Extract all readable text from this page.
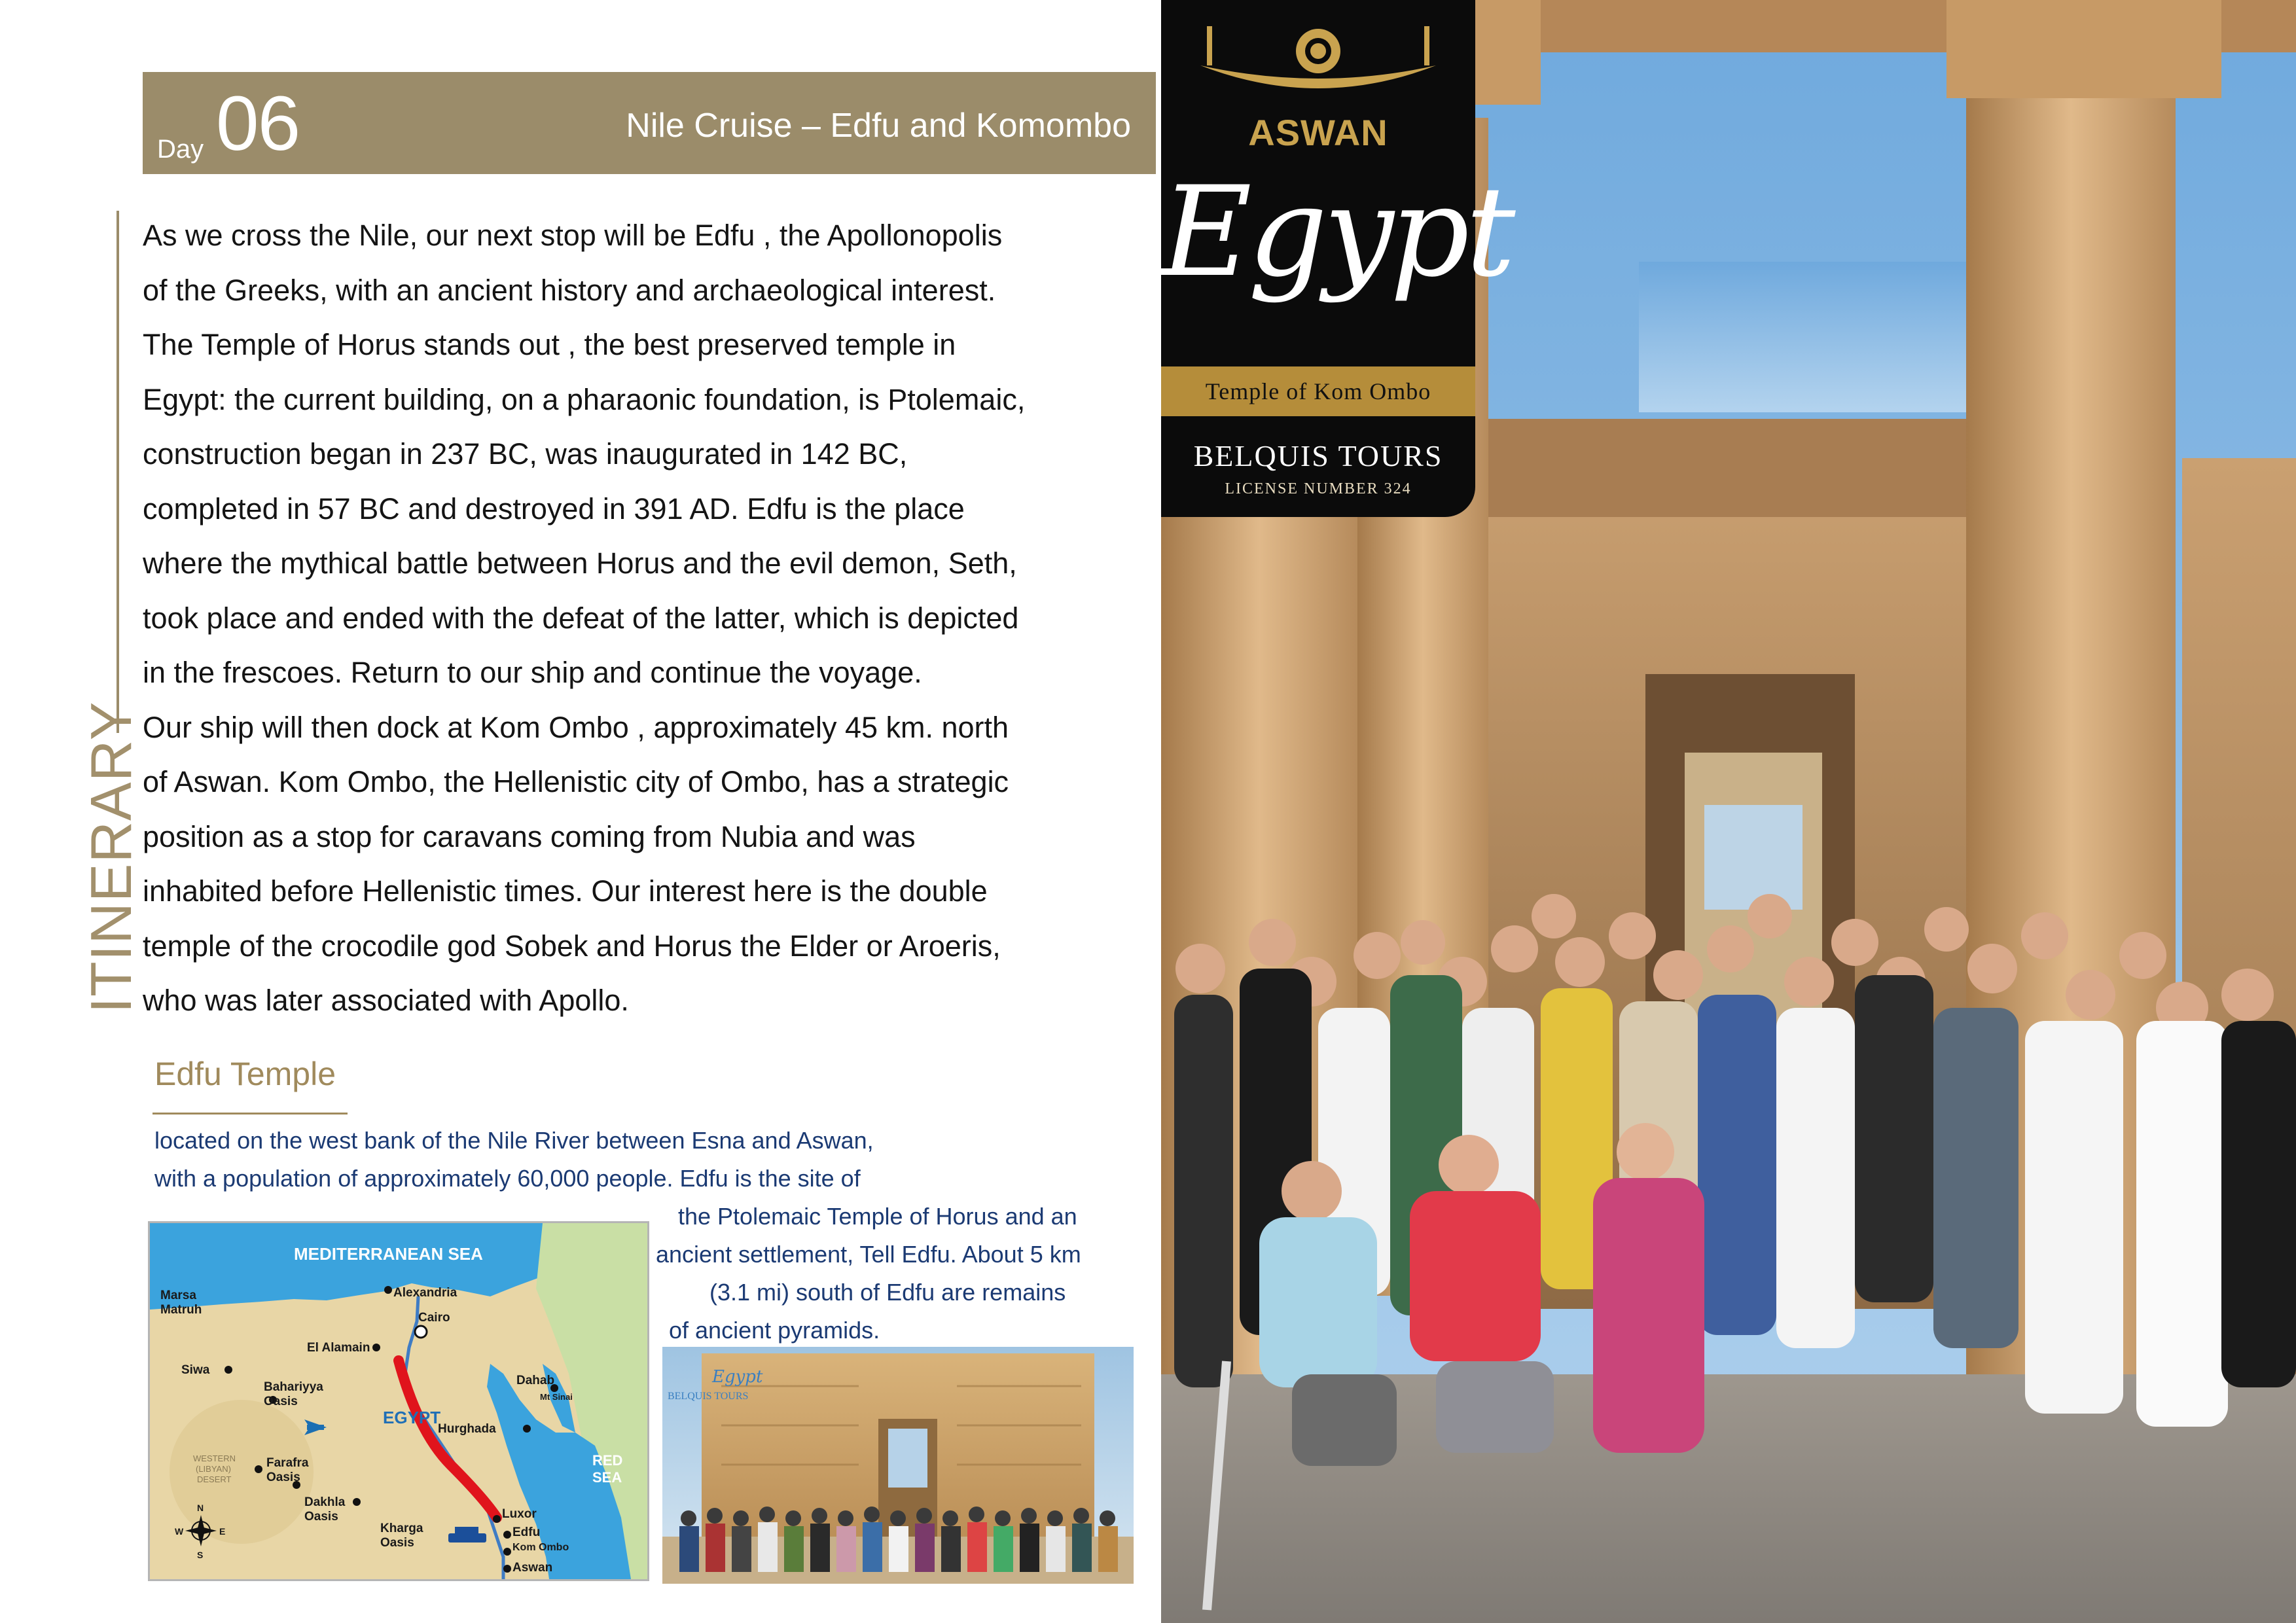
Day 06	Nile Cruise – Edfu and Komombo
ITINERARY
As we cross the Nile, our next stop will be Edfu , the Apollonopolis
of the Greeks, with an ancient history and archaeological interest.
The Temple of Horus stands out , the best preserved temple in
Egypt: the current building, on a pharaonic foundation, is Ptolemaic,
construction began in 237 BC, was inaugurated in 142 BC,
completed in 57 BC and destroyed in 391 AD. Edfu is the place
where the mythical battle between Horus and the evil demon, Seth,
took place and ended with the defeat of the latter, which is depicted
in the frescoes. Return to our ship and continue the voyage.
Our ship will then dock at Kom Ombo , approximately 45 km. north
of Aswan. Kom Ombo, the Hellenistic city of Ombo, has a strategic
position as a stop for caravans coming from Nubia and was
inhabited before Hellenistic times. Our interest here is the double
temple of the crocodile god Sobek and Horus the Elder or Aroeris,
who was later associated with Apollo.
Edfu Temple
located on the west bank of the Nile River between Esna and Aswan,
with a population of approximately 60,000 people. Edfu is the site of
the Ptolemaic Temple of Horus and an
ancient settlement, Tell Edfu. About 5 km
(3.1 mi) south of Edfu are remains
of ancient pyramids.
MEDITERRANEAN SEA
RED
SEA
EGYPT
WESTERN
(LIBYAN)
DESERT
Marsa
Matruh
Alexandria
Cairo
El Alamain
Siwa
Bahariyya
Oasis
Dahab
Mt Sinai
Hurghada
Farafra
Oasis
Dakhla
Oasis
Kharga
Oasis
Luxor
Edfu
Kom Ombo
Aswan
N
S
E
W
Egypt
BELQUIS TOURS
ASWAN
Egypt
Temple of Kom Ombo
BELQUIS TOURS
LICENSE NUMBER 324
